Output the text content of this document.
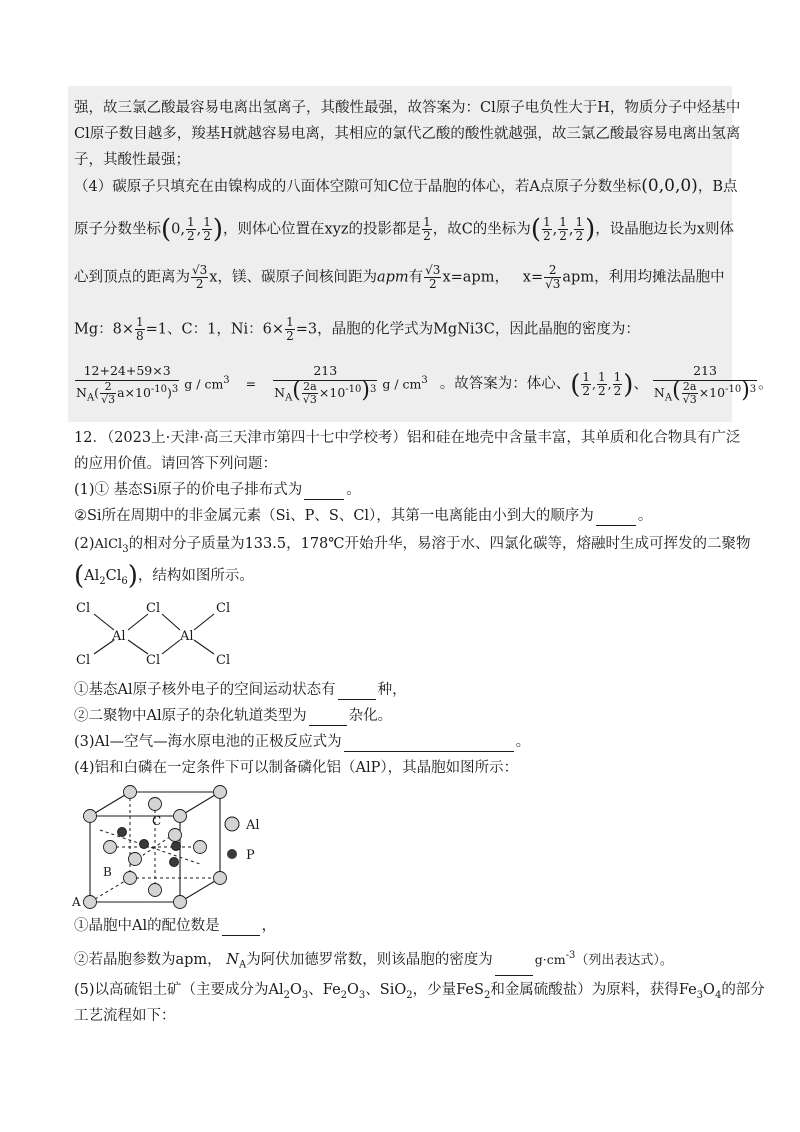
强，故三氯乙酸最容易电离出氢离子，其酸性最强，故答案为：Cl原子电负性大于H，物质分子中烃基中
Cl原子数目越多，羧基H就越容易电离，其相应的氯代乙酸的酸性就越强，故三氯乙酸最容易电离出氢离
子，其酸性最强；
（4）碳原子只填充在由镍构成的八面体空隙可知C位于晶胞的体心，若A点原子分数坐标(0,0,0)，B点
原子分数坐标(0, $\frac{1}{2}$ , $\frac{1}{2}$ )，则体心位置在xyz的投影都是 $\frac{1}{2}$ ，故C的坐标为( $\frac{1}{2}$ , $\frac{1}{2}$ , $\frac{1}{2}$ )，设晶胞边长为x则体
心到顶点的距离为 $\frac{√3}{2}$ x，镁、碳原子间核间距为apm有 $\frac{√3}{2} x=apm$， $x= \frac{2}{√3}$ apm，利用均摊法晶胞中
Mg：$8\times \frac{1}{8} =1$、C：1，Ni：$6\times \frac{1}{2} =3$，晶胞的化学式为MgNi3C，因此晶胞的密度为：
$\frac{12+24+59\times 3}{N_A( \frac{2}{√3} a\times 10^{-10})^3}$ $g / cm^3 = \frac{213}{N_A( \frac{2a}{√3} \times 10^{-10})^3}$ g / $cm^3$ 。故答案为：体心、( $\frac{1}{2}$ , $\frac{1}{2}$ , $\frac{1}{2}$ )、 $\frac{213}{N_A( \frac{2a}{√3} \times 10^{-10})^3}$ 。
12．（2023上·天津·高三天津市第四十七中学校考）铝和硅在地壳中含量丰富，其单质和化合物具有广泛
的应用价值。请回答下列问题：
(1)① 基态Si原子的价电子排布式为	。
②Si所在周期中的非金属元素（Si、P、S、Cl），其第一电离能由小到大的顺序为	。
(2)AlCl$_3$的相对分子质量为133.5，178℃开始升华，易溶于水、四氯化碳等，熔融时生成可挥发的二聚物
$(Al_2Cl_6)$，结构如图所示。
Cl
Cl
Al
Cl
Cl
Al
Cl
Cl
①基态Al原子核外电子的空间运动状态有	种，
②二聚物中Al原子的杂化轨道类型为	杂化。
(3)Al—空气—海水原电池的正极反应式为	。
(4)铝和白磷在一定条件下可以制备磷化铝（AlP），其晶胞如图所示：
A
B
C	Al
P
①晶胞中Al的配位数是	，
②若晶胞参数为apm， $N_A$为阿伏加德罗常数，则该晶胞的密度为	$g\cdot cm^{-3}$（列出表达式）。
(5)以高硫铝土矿（主要成分为$Al_2O_3$、$Fe_2O_3$、SiO$_2$，少量FeS$_2$和金属硫酸盐）为原料，获得$Fe_3O_4$的部分
工艺流程如下：
